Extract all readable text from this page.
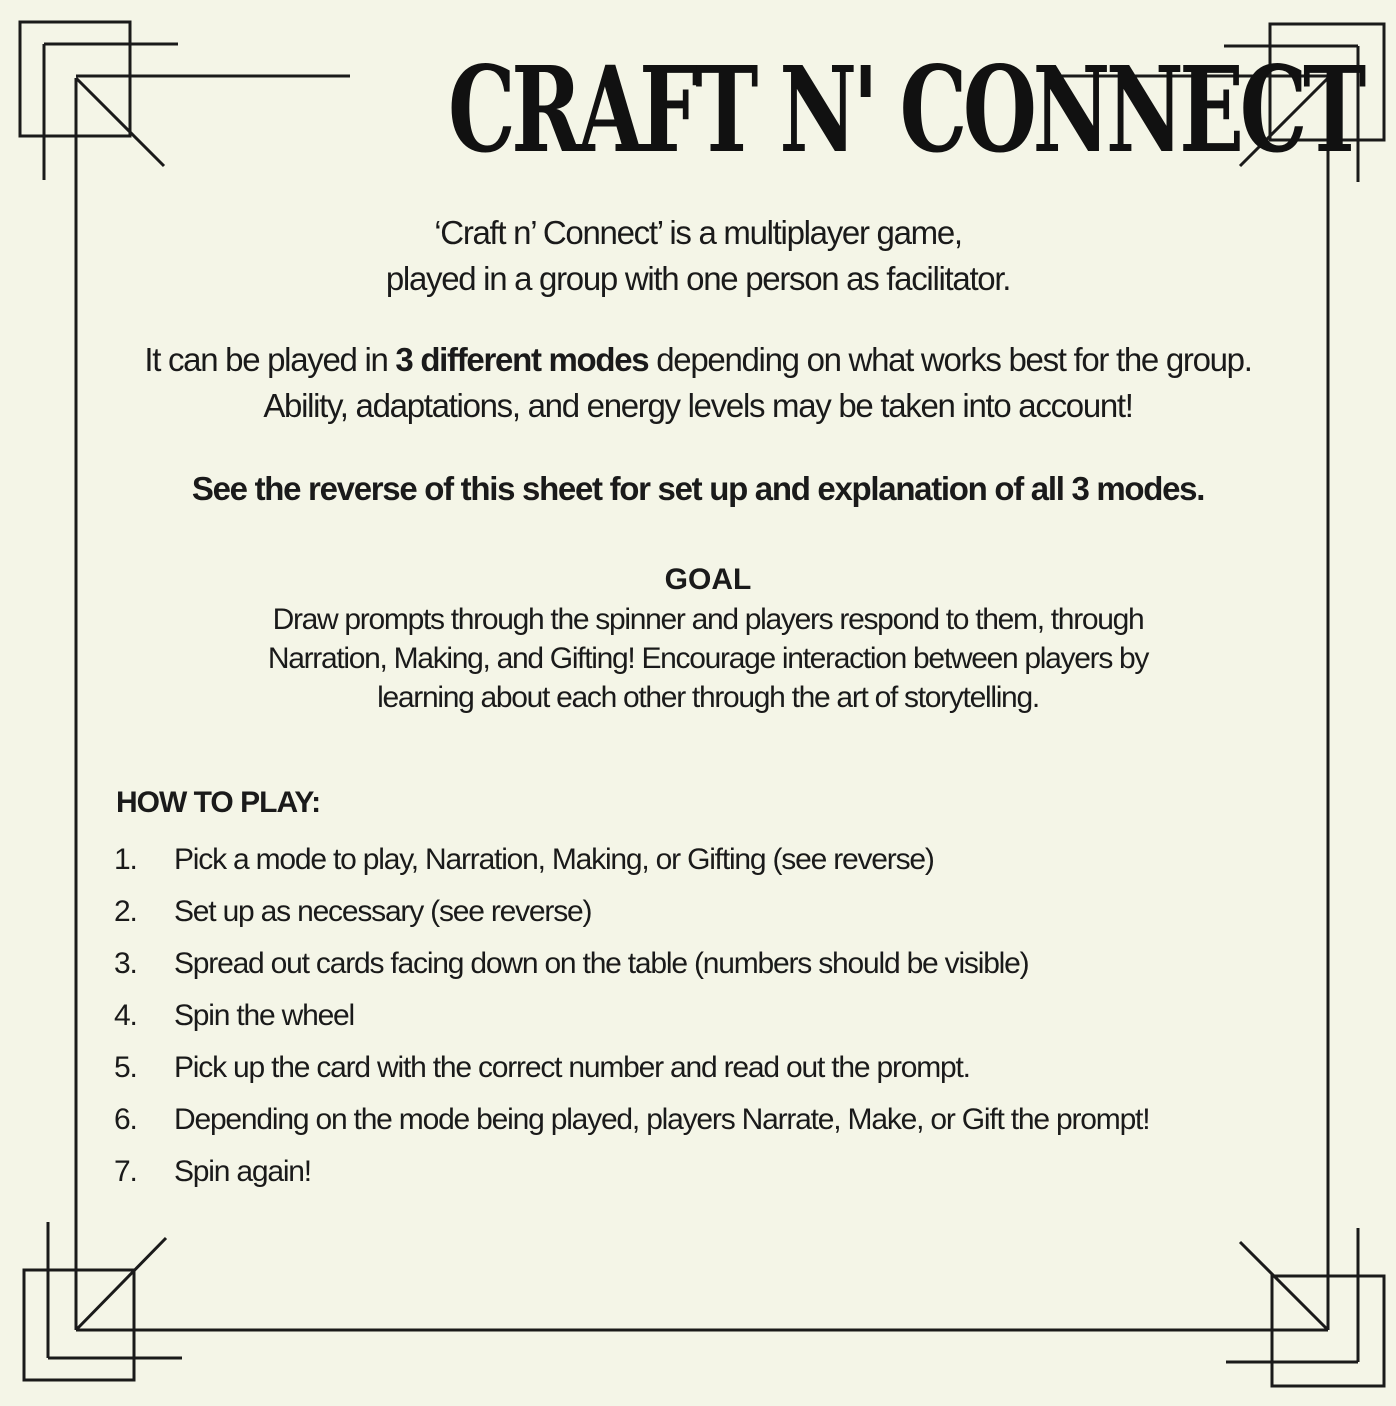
CRAFT N' CONNECT
‘Craft n’ Connect’ is a multiplayer game,
played in a group with one person as facilitator.
It can be played in 3 different modes depending on what works best for the group.
Ability, adaptations, and energy levels may be taken into account!
See the reverse of this sheet for set up and explanation of all 3 modes.
GOAL
Draw prompts through the spinner and players respond to them, through
Narration, Making, and Gifting! Encourage interaction between players by
learning about each other through the art of storytelling.
HOW TO PLAY:
1.	Pick a mode to play, Narration, Making, or Gifting (see reverse)
2.	Set up as necessary (see reverse)
3.	Spread out cards facing down on the table (numbers should be visible)
4.	Spin the wheel
5.	Pick up the card with the correct number and read out the prompt.
6.	Depending on the mode being played, players Narrate, Make, or Gift the prompt!
7.	Spin again!
